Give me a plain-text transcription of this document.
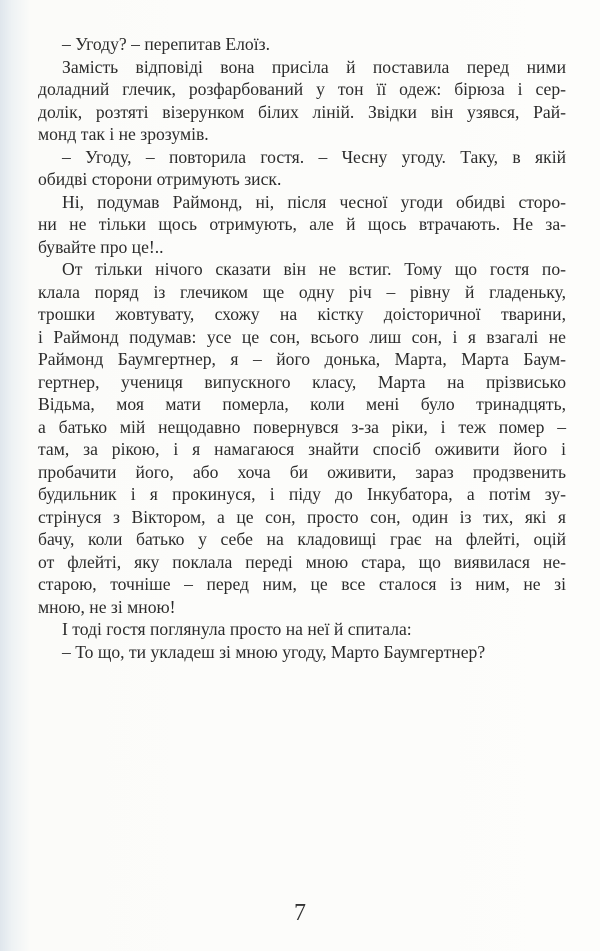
– Угоду? – перепитав Елоїз.
Замість відповіді вона присіла й поставила перед ними
доладний глечик, розфарбований у тон її одеж: бірюза і сер-
долік, розтяті візерунком білих ліній. Звідки він узявся, Рай-
монд так і не зрозумів.
– Угоду, – повторила гостя. – Чесну угоду. Таку, в якій
обидві сторони отримують зиск.
Ні, подумав Раймонд, ні, після чесної угоди обидві сторо-
ни не тільки щось отримують, але й щось втрачають. Не за-
бувайте про це!..
От тільки нічого сказати він не встиг. Тому що гостя по-
клала поряд із глечиком ще одну річ – рівну й гладеньку,
трошки жовтувату, схожу на кістку доісторичної тварини,
і Раймонд подумав: усе це сон, всього лиш сон, і я взагалі не
Раймонд Баумгертнер, я – його донька, Марта, Марта Баум-
гертнер, учениця випускного класу, Марта на прізвисько
Відьма, моя мати померла, коли мені було тринадцять,
а батько мій нещодавно повернувся з-за ріки, і теж помер –
там, за рікою, і я намагаюся знайти спосіб оживити його і
пробачити його, або хоча би оживити, зараз продзвенить
будильник і я прокинуся, і піду до Інкубатора, а потім зу-
стрінуся з Віктором, а це сон, просто сон, один із тих, які я
бачу, коли батько у себе на кладовищі грає на флейті, оцій
от флейті, яку поклала переді мною стара, що виявилася не-
старою, точніше – перед ним, це все сталося із ним, не зі
мною, не зі мною!
І тоді гостя поглянула просто на неї й спитала:
– То що, ти укладеш зі мною угоду, Марто Баумгертнер?
7
